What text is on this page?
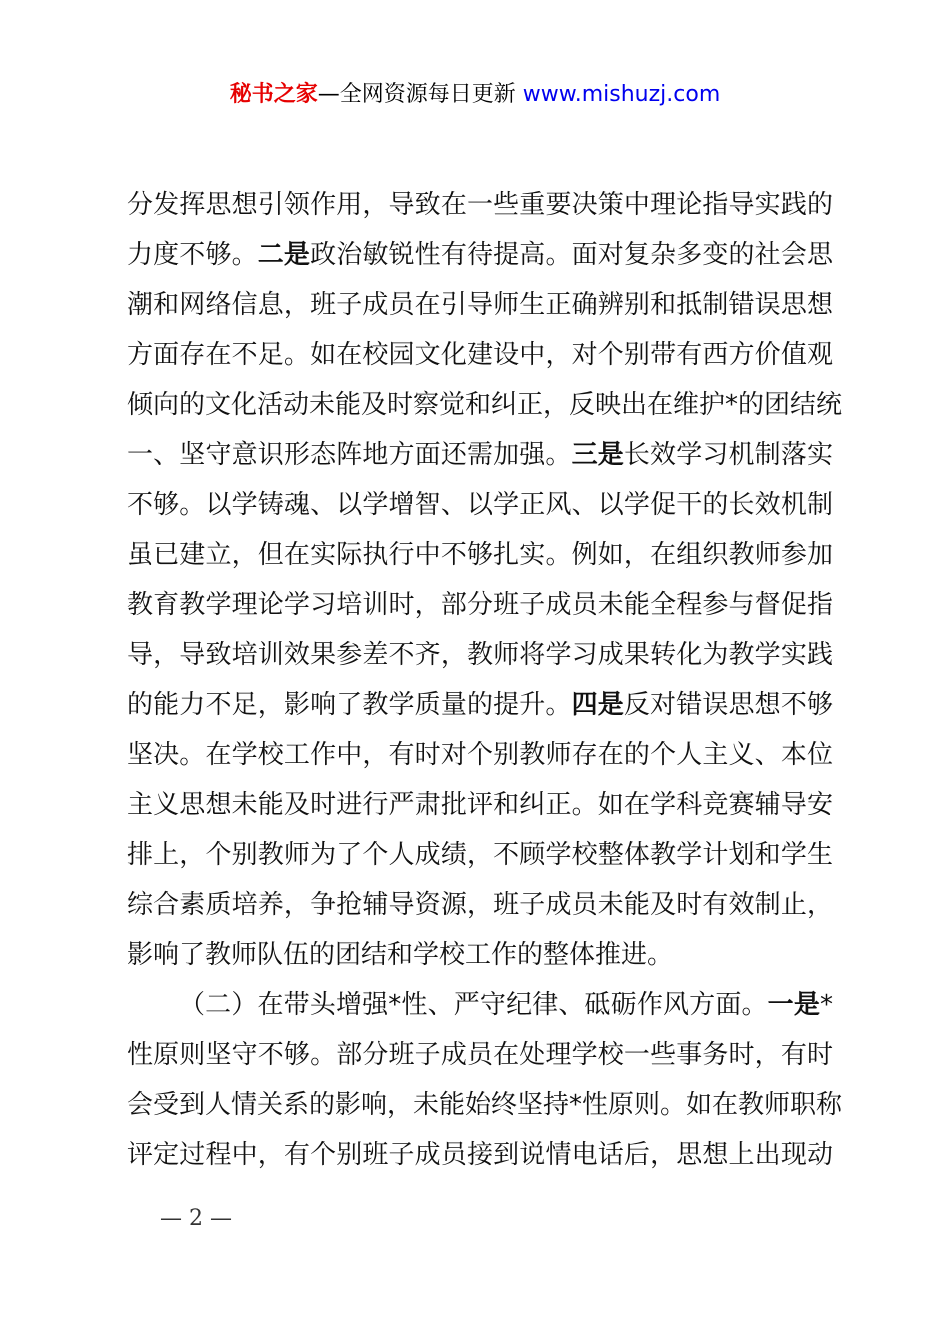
秘书之家—全网资源每日更新 www.mishuzj.com
分发挥思想引领作用，导致在一些重要决策中理论指导实践的
力度不够。二是政治敏锐性有待提高。面对复杂多变的社会思
潮和网络信息，班子成员在引导师生正确辨别和抵制错误思想
方面存在不足。如在校园文化建设中，对个别带有西方价值观
倾向的文化活动未能及时察觉和纠正，反映出在维护*的团结统
一、坚守意识形态阵地方面还需加强。三是长效学习机制落实
不够。以学铸魂、以学增智、以学正风、以学促干的长效机制
虽已建立，但在实际执行中不够扎实。例如，在组织教师参加
教育教学理论学习培训时，部分班子成员未能全程参与督促指
导，导致培训效果参差不齐，教师将学习成果转化为教学实践
的能力不足，影响了教学质量的提升。四是反对错误思想不够
坚决。在学校工作中，有时对个别教师存在的个人主义、本位
主义思想未能及时进行严肃批评和纠正。如在学科竞赛辅导安
排上，个别教师为了个人成绩，不顾学校整体教学计划和学生
综合素质培养，争抢辅导资源，班子成员未能及时有效制止，
影响了教师队伍的团结和学校工作的整体推进。
（二）在带头增强*性、严守纪律、砥砺作风方面。一是*
性原则坚守不够。部分班子成员在处理学校一些事务时，有时
会受到人情关系的影响，未能始终坚持*性原则。如在教师职称
评定过程中，有个别班子成员接到说情电话后，思想上出现动
— 2 —
